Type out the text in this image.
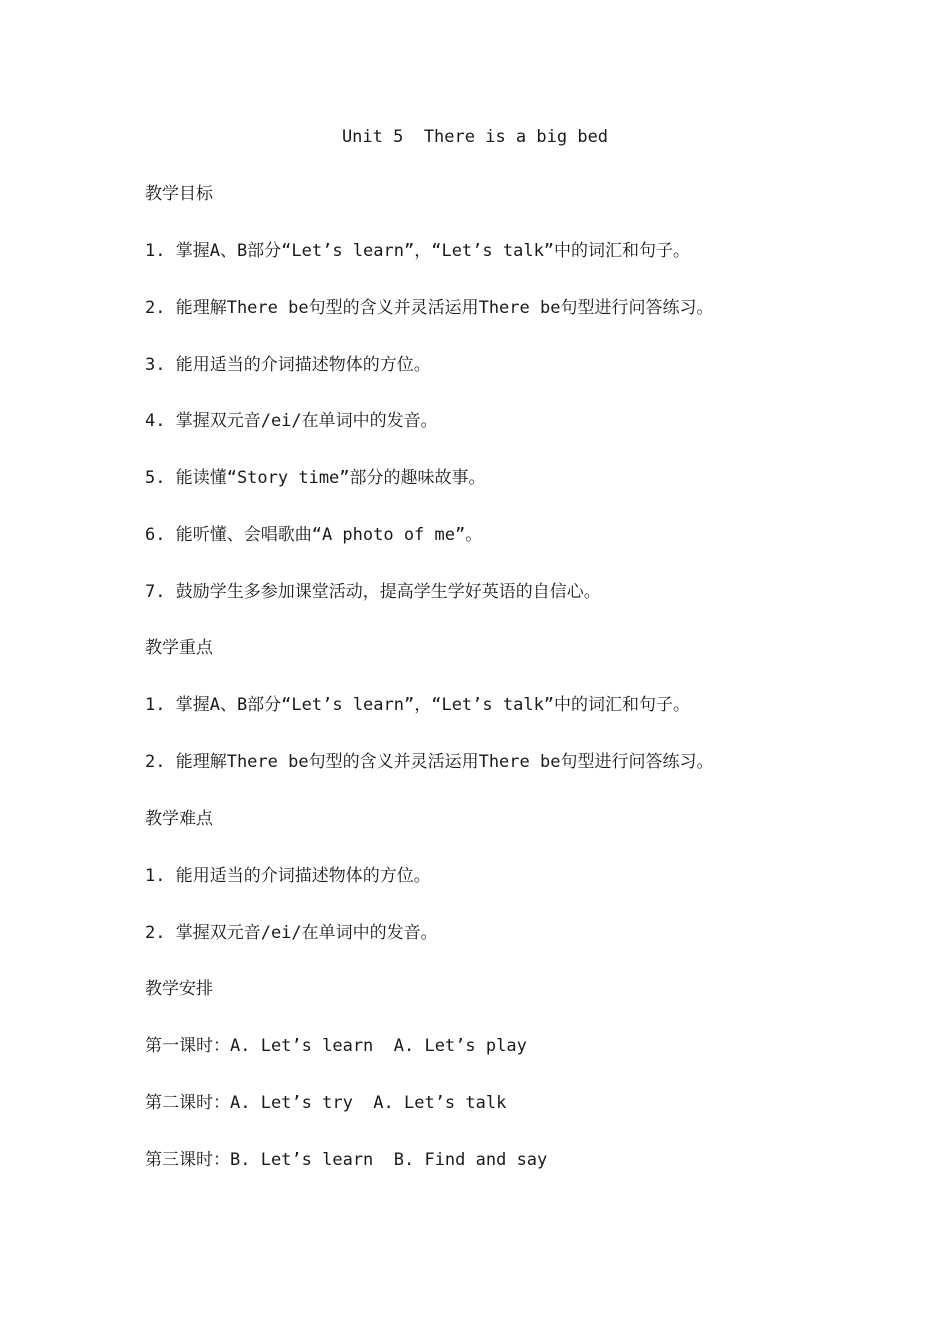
Unit 5  There is a big bed
教学目标
1. 掌握A、B部分“Let’s learn”，“Let’s talk”中的词汇和句子。
2. 能理解There be句型的含义并灵活运用There be句型进行问答练习。
3. 能用适当的介词描述物体的方位。
4. 掌握双元音/ei/在单词中的发音。
5. 能读懂“Story time”部分的趣味故事。
6. 能听懂、会唱歌曲“A photo of me”。
7. 鼓励学生多参加课堂活动，提高学生学好英语的自信心。
教学重点
1. 掌握A、B部分“Let’s learn”，“Let’s talk”中的词汇和句子。
2. 能理解There be句型的含义并灵活运用There be句型进行问答练习。
教学难点
1. 能用适当的介词描述物体的方位。
2. 掌握双元音/ei/在单词中的发音。
教学安排
第一课时：A. Let’s learn  A. Let’s play
第二课时：A. Let’s try  A. Let’s talk
第三课时：B. Let’s learn  B. Find and say
